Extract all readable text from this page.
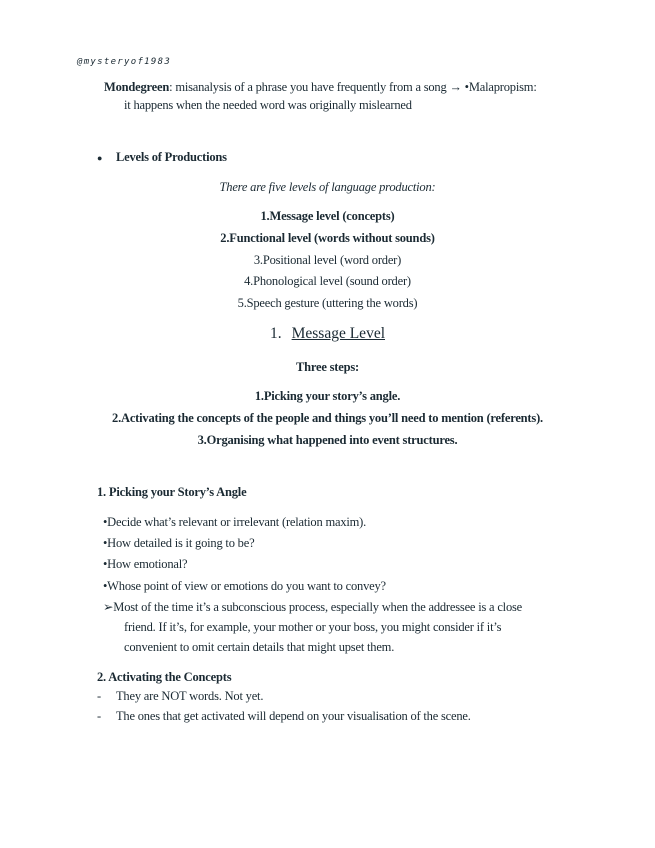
@mysteryof1983
Mondegreen: misanalysis of a phrase you have frequently from a song → •Malapropism:
it happens when the needed word was originally mislearned
● Levels of Productions
There are five levels of language production:
1.Message level (concepts)
2.Functional level (words without sounds)
3.Positional level (word order)
4.Phonological level (sound order)
5.Speech gesture (uttering the words)
1. Message Level
Three steps:
1.Picking your story’s angle.
2.Activating the concepts of the people and things you’ll need to mention (referents).
3.Organising what happened into event structures.
1. Picking your Story’s Angle
•Decide what’s relevant or irrelevant (relation maxim).
•How detailed is it going to be?
•How emotional?
•Whose point of view or emotions do you want to convey?
➢Most of the time it’s a subconscious process, especially when the addressee is a close
friend. If it’s, for example, your mother or your boss, you might consider if it’s
convenient to omit certain details that might upset them.
2. Activating the Concepts
- They are NOT words. Not yet.
- The ones that get activated will depend on your visualisation of the scene.
